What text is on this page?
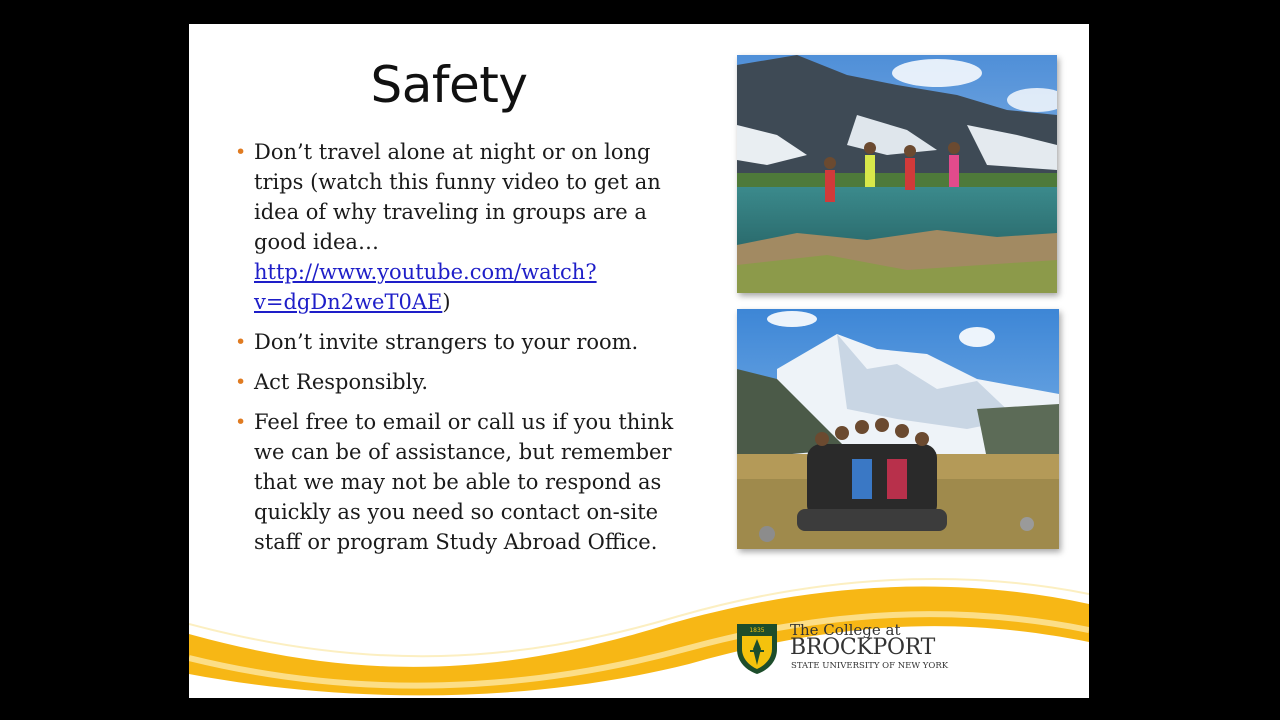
Safety
• Don’t travel alone at night or on long trips (watch this funny video to get an idea of why traveling in groups are a good idea… http://www.youtube.com/watch?v=dgDn2weT0AE)
• Don’t invite strangers to your room.
• Act Responsibly.
• Feel free to email or call us if you think we can be of assistance, but remember that we may not be able to respond as quickly as you need so contact on-site staff or program Study Abroad Office.
1835 The College at
BROCKPORT
STATE UNIVERSITY OF NEW YORK
